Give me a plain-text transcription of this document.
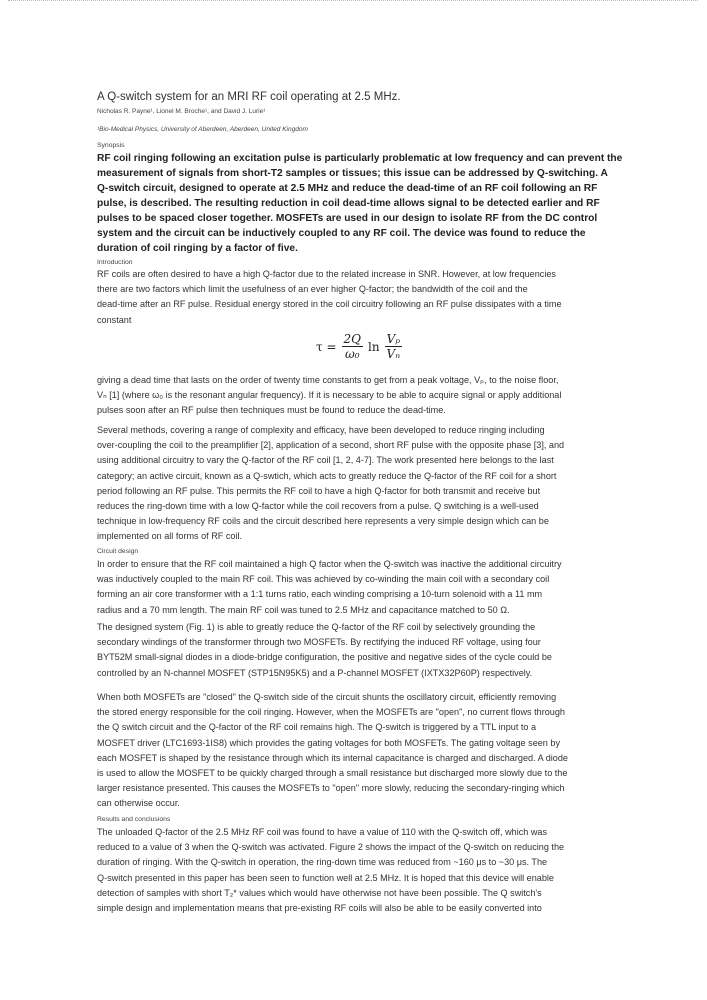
A Q-switch system for an MRI RF coil operating at 2.5 MHz.
Nicholas R. Payne¹, Lionel M. Broche¹, and David J. Lurie¹
¹Bio-Medical Physics, University of Aberdeen, Aberdeen, United Kingdom
Synopsis
RF coil ringing following an excitation pulse is particularly problematic at low frequency and can prevent the
measurement of signals from short-T2 samples or tissues; this issue can be addressed by Q-switching. A
Q-switch circuit, designed to operate at 2.5 MHz and reduce the dead-time of an RF coil following an RF
pulse, is described. The resulting reduction in coil dead-time allows signal to be detected earlier and RF
pulses to be spaced closer together. MOSFETs are used in our design to isolate RF from the DC control
system and the circuit can be inductively coupled to any RF coil. The device was found to reduce the
duration of coil ringing by a factor of five.
Introduction
RF coils are often desired to have a high Q-factor due to the related increase in SNR. However, at low frequencies
there are two factors which limit the usefulness of an ever higher Q-factor; the bandwidth of the coil and the
dead-time after an RF pulse. Residual energy stored in the coil circuitry following an RF pulse dissipates with a time
constant
$\tau = \frac{2Q}{\text{ω₀}}$ $\ln \frac{\text{Vₚ}}{\text{Vₙ}}$
giving a dead time that lasts on the order of twenty time constants to get from a peak voltage, Vₚ, to the noise floor,
Vₙ [1] (where ω₀ is the resonant angular frequency). If it is necessary to be able to acquire signal or apply additional
pulses soon after an RF pulse then techniques must be found to reduce the dead-time.
Several methods, covering a range of complexity and efficacy, have been developed to reduce ringing including
over-coupling the coil to the preamplifier [2], application of a second, short RF pulse with the opposite phase [3], and
using additional circuitry to vary the Q-factor of the RF coil [1, 2, 4-7]. The work presented here belongs to the last
category; an active circuit, known as a Q-swtich, which acts to greatly reduce the Q-factor of the RF coil for a short
period following an RF pulse. This permits the RF coil to have a high Q-factor for both transmit and receive but
reduces the ring-down time with a low Q-factor while the coil recovers from a pulse. Q switching is a well-used
technique in low-frequency RF coils and the circuit described here represents a very simple design which can be
implemented on all forms of RF coil.
Circuit design
In order to ensure that the RF coil maintained a high Q factor when the Q-switch was inactive the additional circuitry
was inductively coupled to the main RF coil. This was achieved by co-winding the main coil with a secondary coil
forming an air core transformer with a 1:1 turns ratio, each winding comprising a 10-turn solenoid with a 11 mm
radius and a 70 mm length. The main RF coil was tuned to 2.5 MHz and capacitance matched to 50 Ω.
The designed system (Fig. 1) is able to greatly reduce the Q-factor of the RF coil by selectively grounding the
secondary windings of the transformer through two MOSFETs. By rectifying the induced RF voltage, using four
BYT52M small-signal diodes in a diode-bridge configuration, the positive and negative sides of the cycle could be
controlled by an N-channel MOSFET (STP15N95K5) and a P-channel MOSFET (IXTX32P60P) respectively.
When both MOSFETs are "closed" the Q-switch side of the circuit shunts the oscillatory circuit, efficiently removing
the stored energy responsible for the coil ringing. However, when the MOSFETs are "open", no current flows through
the Q switch circuit and the Q-factor of the RF coil remains high. The Q-switch is triggered by a TTL input to a
MOSFET driver (LTC1693-1IS8) which provides the gating voltages for both MOSFETs. The gating voltage seen by
each MOSFET is shaped by the resistance through which its internal capacitance is charged and discharged. A diode
is used to allow the MOSFET to be quickly charged through a small resistance but discharged more slowly due to the
larger resistance presented. This causes the MOSFETs to "open" more slowly, reducing the secondary-ringing which
can otherwise occur.
Results and conclusions
The unloaded Q-factor of the 2.5 MHz RF coil was found to have a value of 110 with the Q-switch off, which was
reduced to a value of 3 when the Q-switch was activated. Figure 2 shows the impact of the Q-switch on reducing the
duration of ringing. With the Q-switch in operation, the ring-down time was reduced from ~160 μs to ~30 μs. The
Q-switch presented in this paper has been seen to function well at 2.5 MHz. It is hoped that this device will enable
detection of samples with short T₂* values which would have otherwise not have been possible. The Q switch's
simple design and implementation means that pre-existing RF coils will also be able to be easily converted into
